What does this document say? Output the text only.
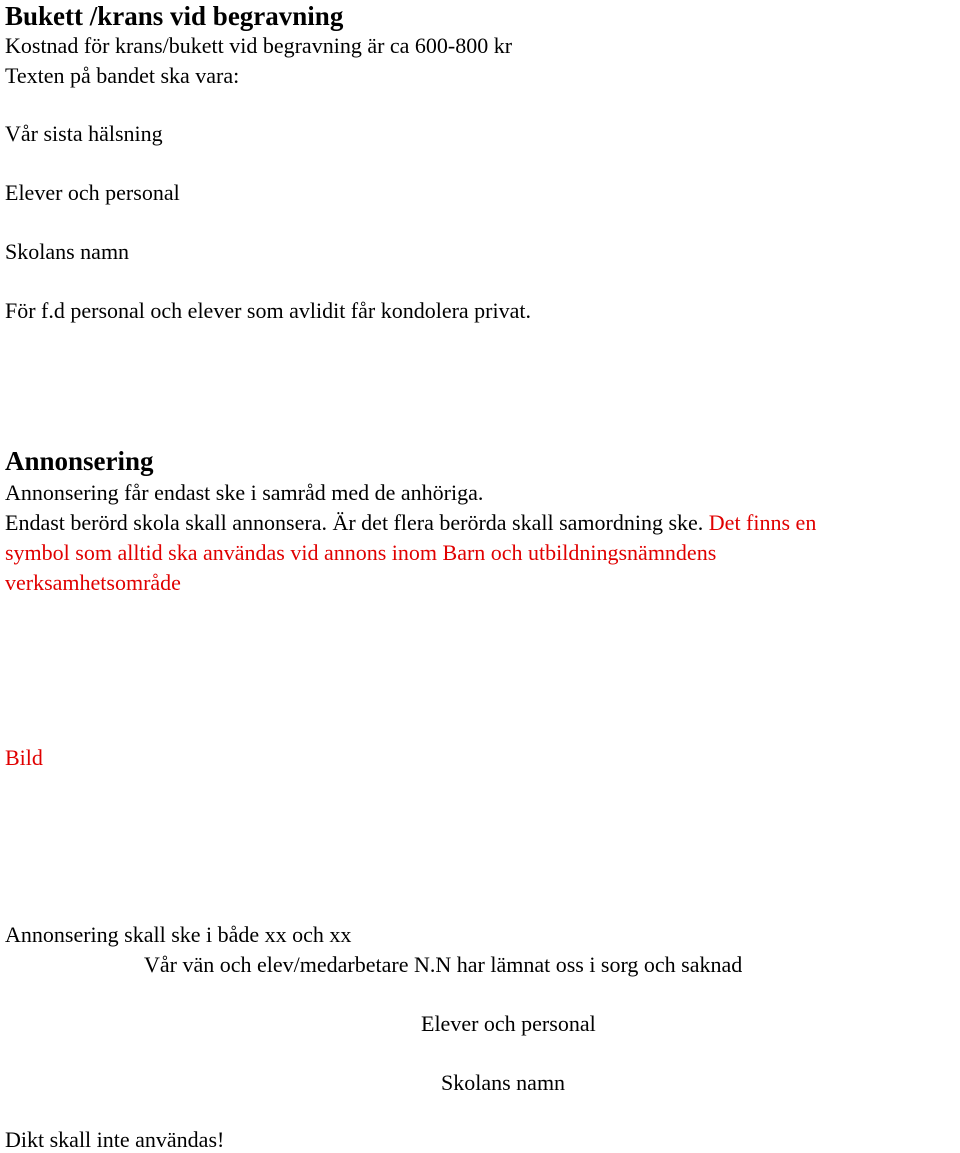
Bukett /krans vid begravning

Kostnad för krans/bukett vid begravning är ca 600-800 kr

Texten på bandet ska vara:

Vår sista hälsning

Elever och personal

Skolans namn

För f.d personal och elever som avlidit får kondolera privat.

Annonsering

Annonsering får endast ske i samråd med de anhöriga.

Endast berörd skola skall annonsera. Är det flera berörda skall samordning ske. Det finns en

symbol som alltid ska användas vid annons inom Barn och utbildningsnämndens

verksamhetsområde

Bild

Annonsering skall ske i både xx och xx

Vår vän och elev/medarbetare N.N har lämnat oss i sorg och saknad

Elever och personal

Skolans namn

Dikt skall inte användas!
